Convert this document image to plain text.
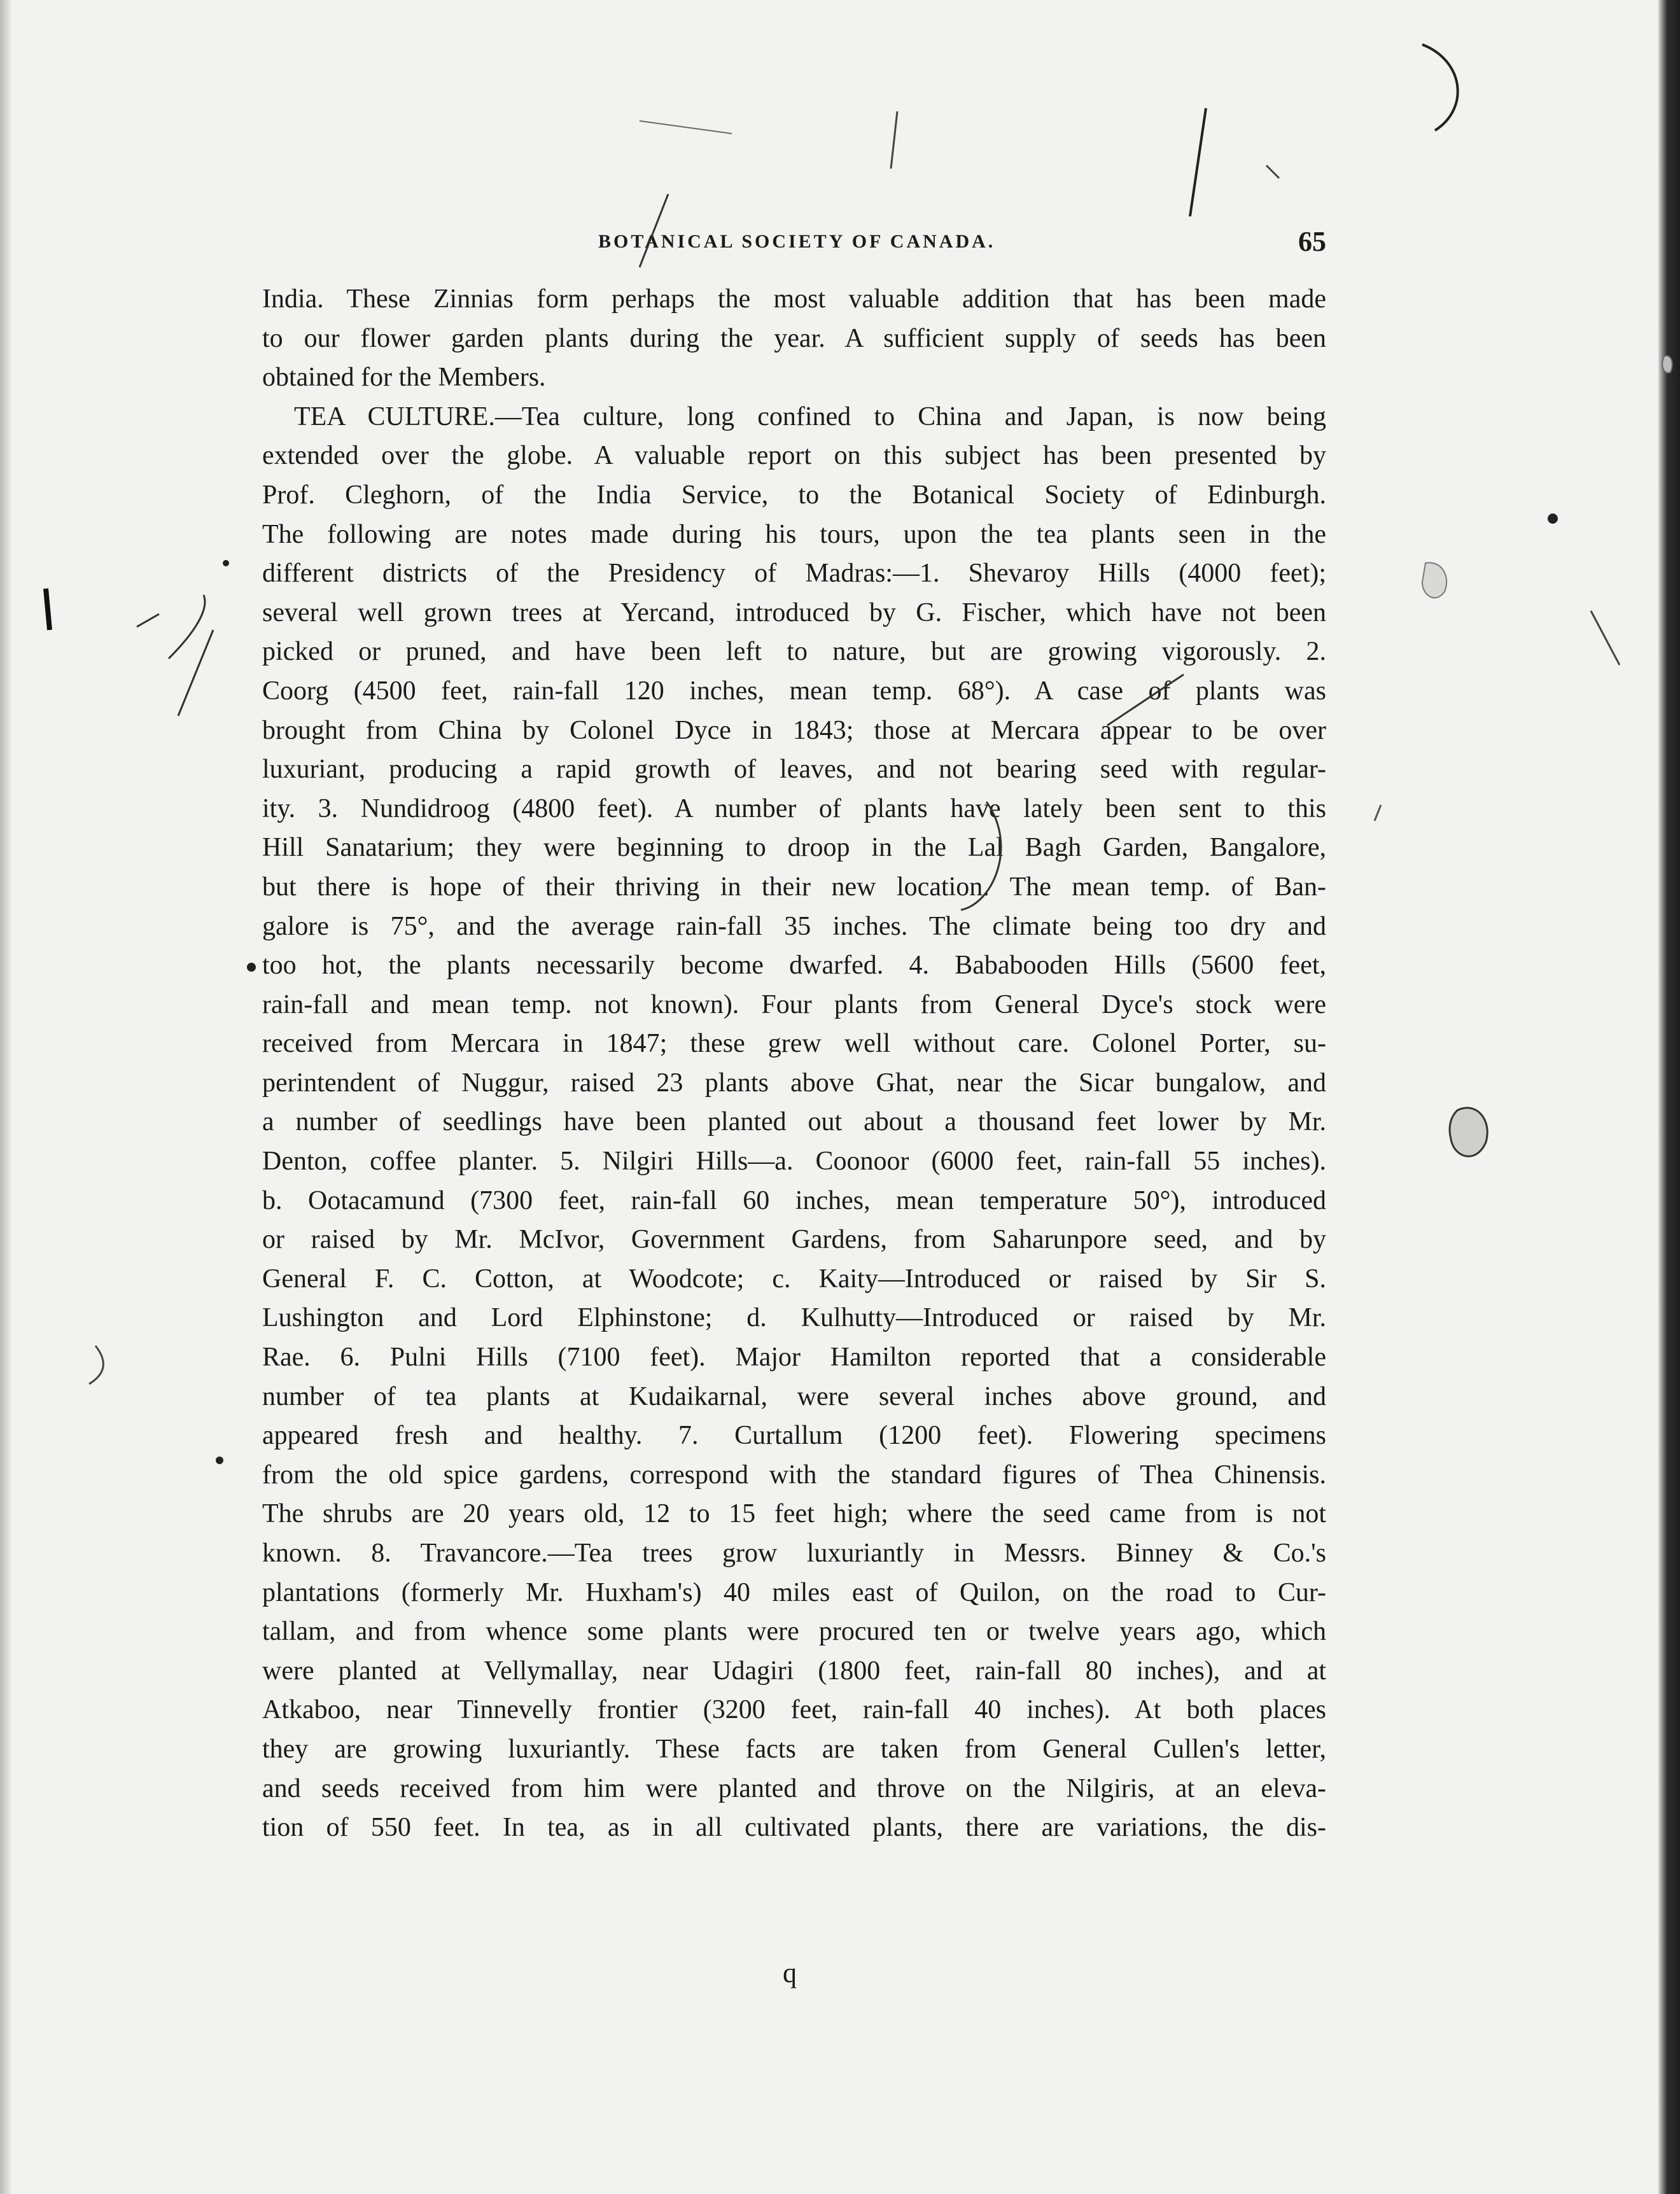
BOTANICAL SOCIETY OF CANADA.	65
India. These Zinnias form perhaps the most valuable addition that has been made
to our flower garden plants during the year. A sufficient supply of seeds has been
obtained for the Members.
TEA CULTURE.—Tea culture, long confined to China and Japan, is now being
extended over the globe. A valuable report on this subject has been presented by
Prof. Cleghorn, of the India Service, to the Botanical Society of Edinburgh.
The following are notes made during his tours, upon the tea plants seen in the
different districts of the Presidency of Madras:—1. Shevaroy Hills (4000 feet);
several well grown trees at Yercand, introduced by G. Fischer, which have not been
picked or pruned, and have been left to nature, but are growing vigorously. 2.
Coorg (4500 feet, rain-fall 120 inches, mean temp. 68°). A case of plants was
brought from China by Colonel Dyce in 1843; those at Mercara appear to be over
luxuriant, producing a rapid growth of leaves, and not bearing seed with regular-
ity. 3. Nundidroog (4800 feet). A number of plants have lately been sent to this
Hill Sanatarium; they were beginning to droop in the Lal Bagh Garden, Bangalore,
but there is hope of their thriving in their new location. The mean temp. of Ban-
galore is 75°, and the average rain-fall 35 inches. The climate being too dry and
too hot, the plants necessarily become dwarfed. 4. Bababooden Hills (5600 feet,
rain-fall and mean temp. not known). Four plants from General Dyce's stock were
received from Mercara in 1847; these grew well without care. Colonel Porter, su-
perintendent of Nuggur, raised 23 plants above Ghat, near the Sicar bungalow, and
a number of seedlings have been planted out about a thousand feet lower by Mr.
Denton, coffee planter. 5. Nilgiri Hills—a. Coonoor (6000 feet, rain-fall 55 inches).
b. Ootacamund (7300 feet, rain-fall 60 inches, mean temperature 50°), introduced
or raised by Mr. McIvor, Government Gardens, from Saharunpore seed, and by
General F. C. Cotton, at Woodcote; c. Kaity—Introduced or raised by Sir S.
Lushington and Lord Elphinstone; d. Kulhutty—Introduced or raised by Mr.
Rae. 6. Pulni Hills (7100 feet). Major Hamilton reported that a considerable
number of tea plants at Kudaikarnal, were several inches above ground, and
appeared fresh and healthy. 7. Curtallum (1200 feet). Flowering specimens
from the old spice gardens, correspond with the standard figures of Thea Chinensis.
The shrubs are 20 years old, 12 to 15 feet high; where the seed came from is not
known. 8. Travancore.—Tea trees grow luxuriantly in Messrs. Binney & Co.'s
plantations (formerly Mr. Huxham's) 40 miles east of Quilon, on the road to Cur-
tallam, and from whence some plants were procured ten or twelve years ago, which
were planted at Vellymallay, near Udagiri (1800 feet, rain-fall 80 inches), and at
Atkaboo, near Tinnevelly frontier (3200 feet, rain-fall 40 inches). At both places
they are growing luxuriantly. These facts are taken from General Cullen's letter,
and seeds received from him were planted and throve on the Nilgiris, at an eleva-
tion of 550 feet. In tea, as in all cultivated plants, there are variations, the dis-
q
